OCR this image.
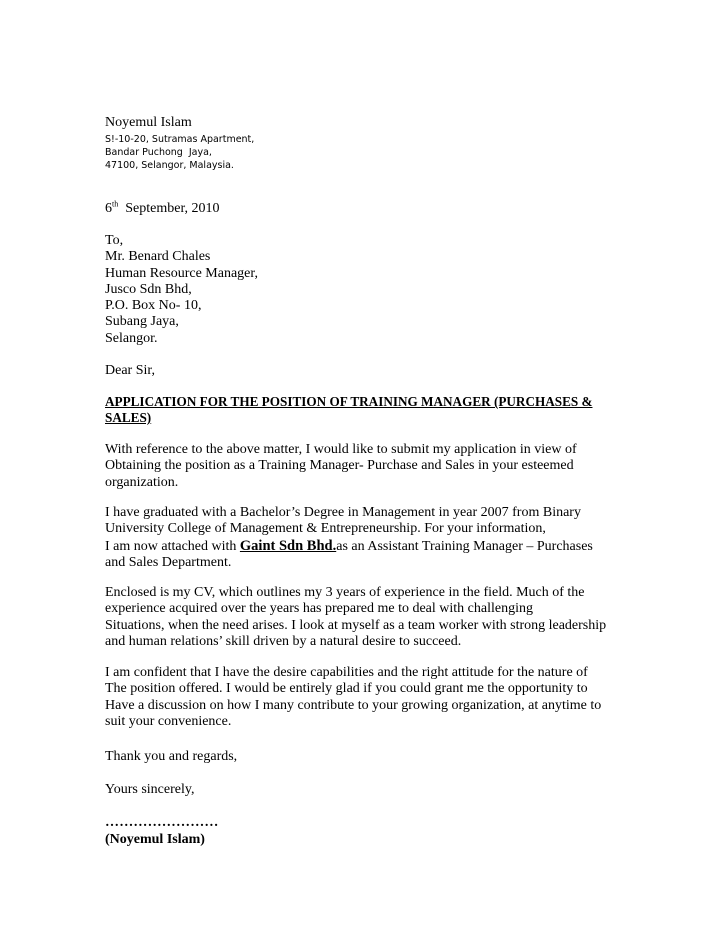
Noyemul Islam
S!-10-20, Sutramas Apartment,
Bandar Puchong  Jaya,
47100, Selangor, Malaysia.
6th September, 2010
To,
Mr. Benard Chales
Human Resource Manager,
Jusco Sdn Bhd,
P.O. Box No- 10,
Subang Jaya,
Selangor.
Dear Sir,
APPLICATION FOR THE POSITION OF TRAINING MANAGER (PURCHASES & SALES)
With reference to the above matter, I would like to submit my application in view of
Obtaining the position as a Training Manager- Purchase and Sales in your esteemed
organization.
I have graduated with a Bachelor’s Degree in Management in year 2007 from Binary
University College of Management & Entrepreneurship. For your information,
I am now attached with Gaint Sdn Bhd.as an Assistant Training Manager – Purchases
and Sales Department.
Enclosed is my CV, which outlines my 3 years of experience in the field. Much of the
experience acquired over the years has prepared me to deal with challenging
Situations, when the need arises. I look at myself as a team worker with strong leadership
and human relations’ skill driven by a natural desire to succeed.
I am confident that I have the desire capabilities and the right attitude for the nature of
The position offered. I would be entirely glad if you could grant me the opportunity to
Have a discussion on how I many contribute to your growing organization, at anytime to
suit your convenience.
Thank you and regards,
Yours sincerely,
……………………
(Noyemul Islam)
